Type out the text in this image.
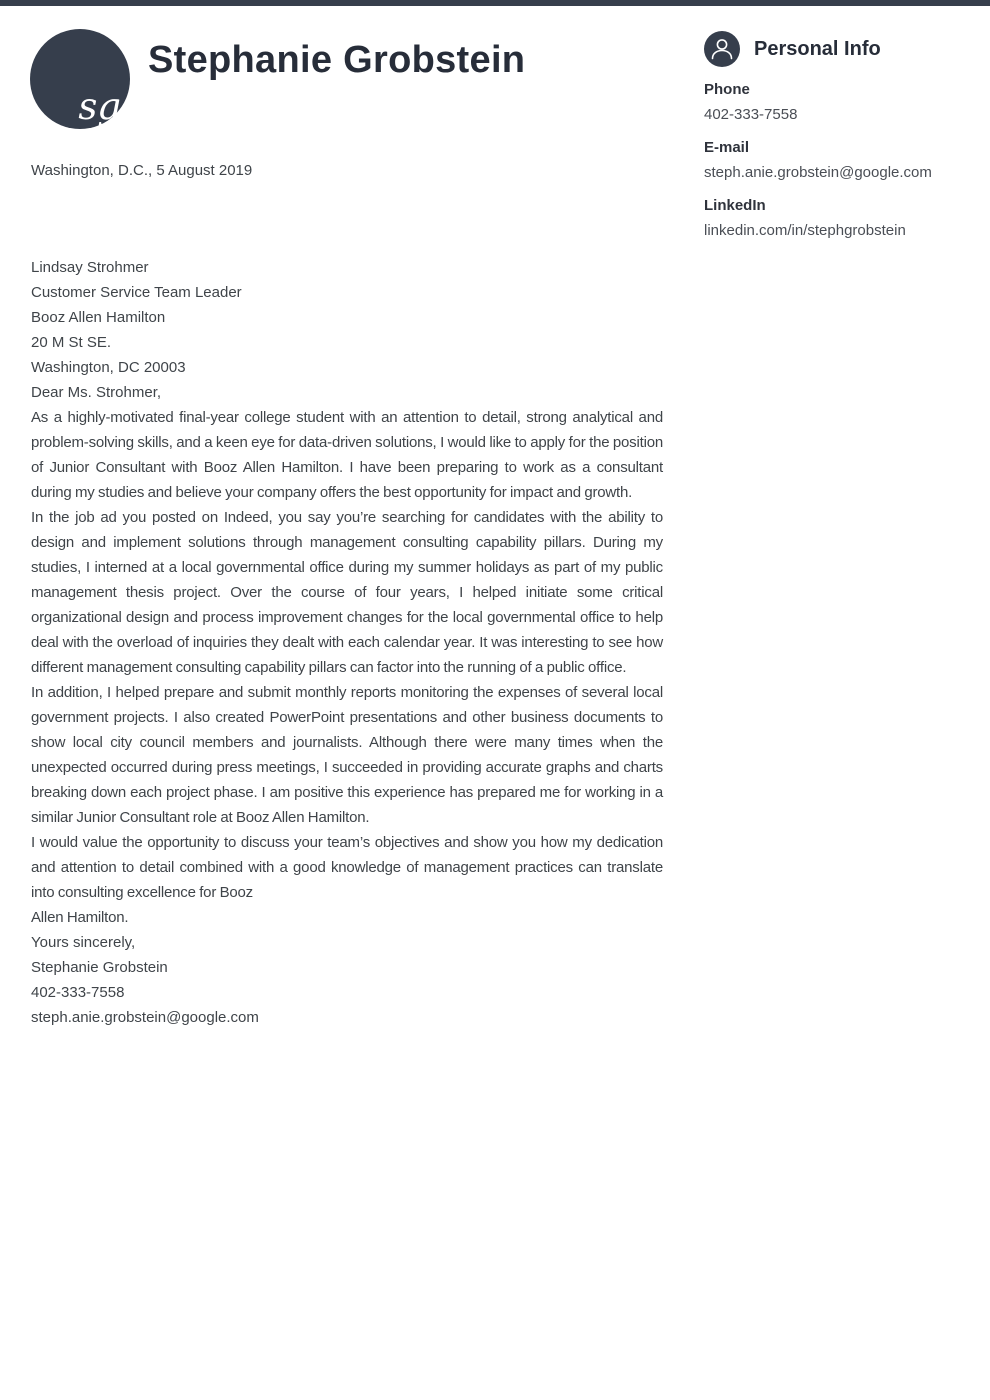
sg
Stephanie Grobstein	Personal Info
Phone
402-333-7558
E-mail
steph.anie.grobstein@google.com
LinkedIn
linkedin.com/in/stephgrobstein

Washington, D.C., 5 August 2019

Lindsay Strohmer

Customer Service Team Leader

Booz Allen Hamilton

20 M St SE.

Washington, DC 20003

Dear Ms. Strohmer,

As a highly-motivated final-year college student with an attention to detail, strong analytical and problem-solving skills, and a keen eye for data-driven solutions, I would like to apply for the position of Junior Consultant with Booz Allen Hamilton. I have been preparing to work as a consultant during my studies and believe your company offers the best opportunity for impact and growth.

In the job ad you posted on Indeed, you say you’re searching for candidates with the ability to design and implement solutions through management consulting capability pillars. During my studies, I interned at a local governmental office during my summer holidays as part of my public management thesis project. Over the course of four years, I helped initiate some critical organizational design and process improvement changes for the local governmental office to help deal with the overload of inquiries they dealt with each calendar year. It was interesting to see how different management consulting capability pillars can factor into the running of a public office.

In addition, I helped prepare and submit monthly reports monitoring the expenses of several local government projects. I also created PowerPoint presentations and other business documents to show local city council members and journalists. Although there were many times when the unexpected occurred during press meetings, I succeeded in providing accurate graphs and charts breaking down each project phase. I am positive this experience has prepared me for working in a similar Junior Consultant role at Booz Allen Hamilton.

I would value the opportunity to discuss your team’s objectives and show you how my dedication and attention to detail combined with a good knowledge of management practices can translate into consulting excellence for Booz
Allen Hamilton.

Yours sincerely,

Stephanie Grobstein

402-333-7558

steph.anie.grobstein@google.com
